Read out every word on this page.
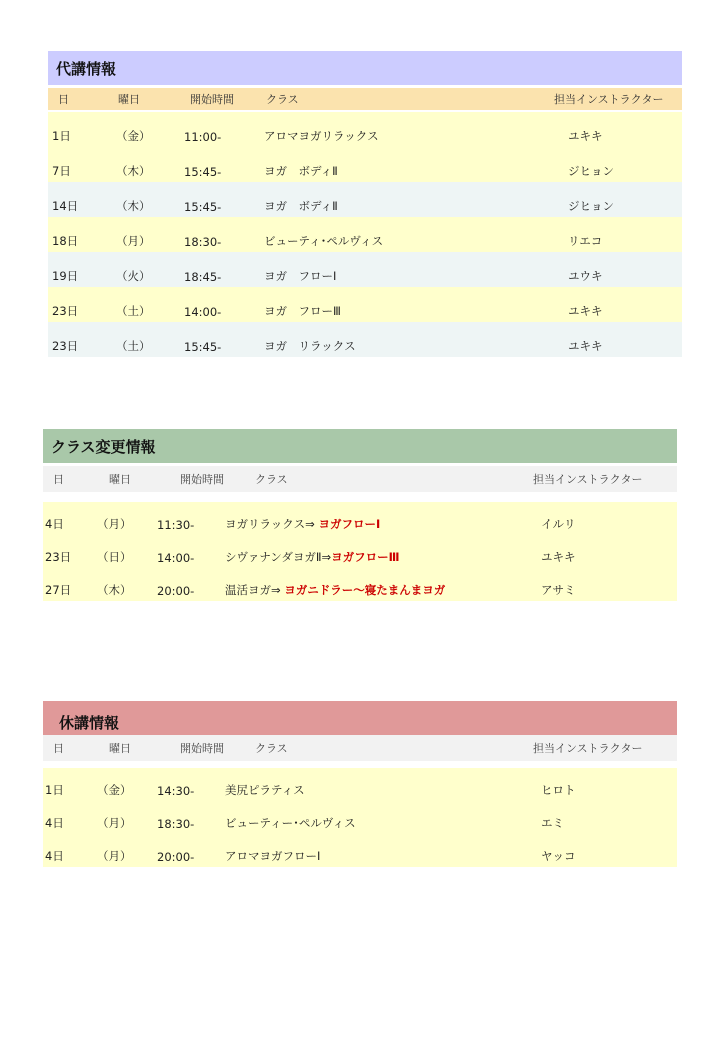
代講情報
日	曜日	開始時間	クラス	担当インストラクター
1日	（金）	11:00-	アロマヨガリラックス	ユキキ
7日	（木）	15:45-	ヨガ　ボディⅡ	ジヒョン
14日	（木）	15:45-	ヨガ　ボディⅡ	ジヒョン
18日	（月）	18:30-	ビューティ･ペルヴィス	リエコ
19日	（火）	18:45-	ヨガ　フローⅠ	ユウキ
23日	（土）	14:00-	ヨガ　フローⅢ	ユキキ
23日	（土）	15:45-	ヨガ　リラックス	ユキキ
クラス変更情報
日	曜日	開始時間	クラス	担当インストラクター
4日	（月） 11:30-	ヨガリラックス⇒ ヨガフローⅠ	イルリ
23日 （日） 14:00-	シヴァナンダヨガⅡ⇒ヨガフローⅢ	ユキキ
27日 （木） 20:00-	温活ヨガ⇒ ヨガニドラー～寝たまんまヨガ	アサミ
休講情報
日	曜日	開始時間	クラス	担当インストラクター
1日	（金） 14:30-	美尻ピラティス	ヒロト
4日	（月） 18:30-	ビューティー･ペルヴィス	エミ
4日	（月） 20:00-	アロマヨガフローⅠ	ヤッコ
